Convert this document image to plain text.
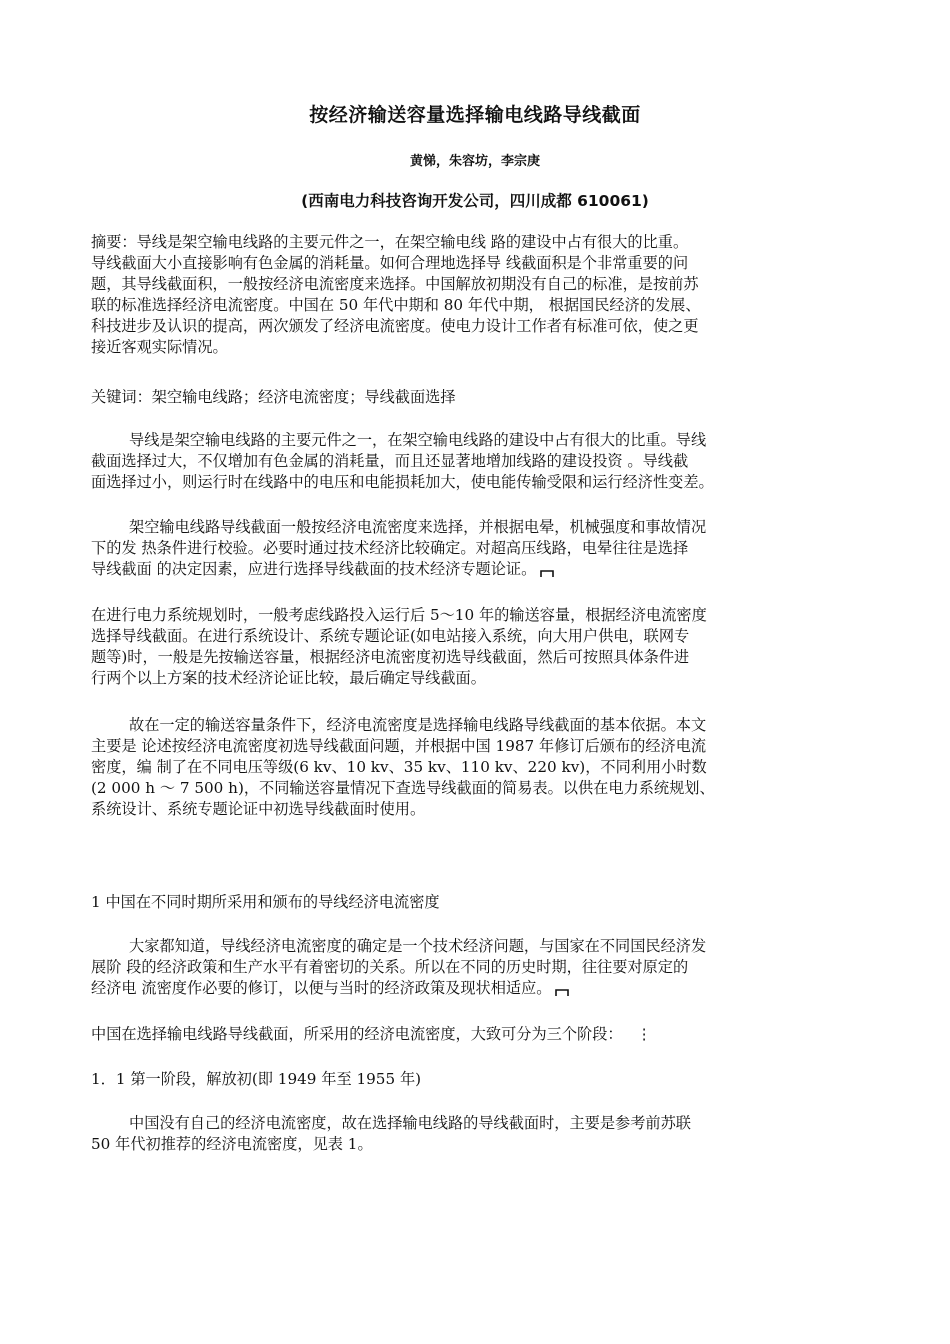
按经济输送容量选择输电线路导线截面
黄悌，朱容坊，李宗庚
(西南电力科技咨询开发公司，四川成都 610061)
摘要：导线是架空输电线路的主要元件之一，在架空输电线 路的建设中占有很大的比重。
导线截面大小直接影响有色金属的消耗量。如何合理地选择导 线截面积是个非常重要的问
题，其导线截面积，一般按经济电流密度来选择。中国解放初期没有自己的标准，是按前苏
联的标准选择经济电流密度。中国在 50 年代中期和 80 年代中期， 根据国民经济的发展、
科技进步及认识的提高，两次颁发了经济电流密度。使电力设计工作者有标准可依，使之更
接近客观实际情况。
关键词：架空输电线路；经济电流密度；导线截面选择
导线是架空输电线路的主要元件之一，在架空输电线路的建设中占有很大的比重。导线
截面选择过大，不仅增加有色金属的消耗量，而且还显著地增加线路的建设投资 。导线截
面选择过小，则运行时在线路中的电压和电能损耗加大，使电能传输受限和运行经济性变差。
架空输电线路导线截面一般按经济电流密度来选择，并根据电晕，机械强度和事故情况
下的发 热条件进行校验。必要时通过技术经济比较确定。对超高压线路，电晕往往是选择
导线截面 的决定因素，应进行选择导线截面的技术经济专题论证。
在进行电力系统规划时，一般考虑线路投入运行后 5～10 年的输送容量，根据经济电流密度
选择导线截面。在进行系统设计、系统专题论证(如电站接入系统，向大用户供电，联网专
题等)时，一般是先按输送容量，根据经济电流密度初选导线截面，然后可按照具体条件进
行两个以上方案的技术经济论证比较，最后确定导线截面。
故在一定的输送容量条件下，经济电流密度是选择输电线路导线截面的基本依据。本文
主要是 论述按经济电流密度初选导线截面问题，并根据中国 1987 年修订后颁布的经济电流
密度，编 制了在不同电压等级(6 kv、10 kv、35 kv、110 kv、220 kv)，不同利用小时数
(2 000 h ～ 7 500 h)，不同输送容量情况下查选导线截面的简易表。以供在电力系统规划、
系统设计、系统专题论证中初选导线截面时使用。
1 中国在不同时期所采用和颁布的导线经济电流密度
大家都知道，导线经济电流密度的确定是一个技术经济问题，与国家在不同国民经济发
展阶 段的经济政策和生产水平有着密切的关系。所以在不同的历史时期，往往要对原定的
经济电 流密度作必要的修订，以便与当时的经济政策及现状相适应。
中国在选择输电线路导线截面，所采用的经济电流密度，大致可分为三个阶段： ⋮
1．1 第一阶段，解放初(即 1949 年至 1955 年)
中国没有自己的经济电流密度，故在选择输电线路的导线截面时，主要是参考前苏联
50 年代初推荐的经济电流密度，见表 1。
